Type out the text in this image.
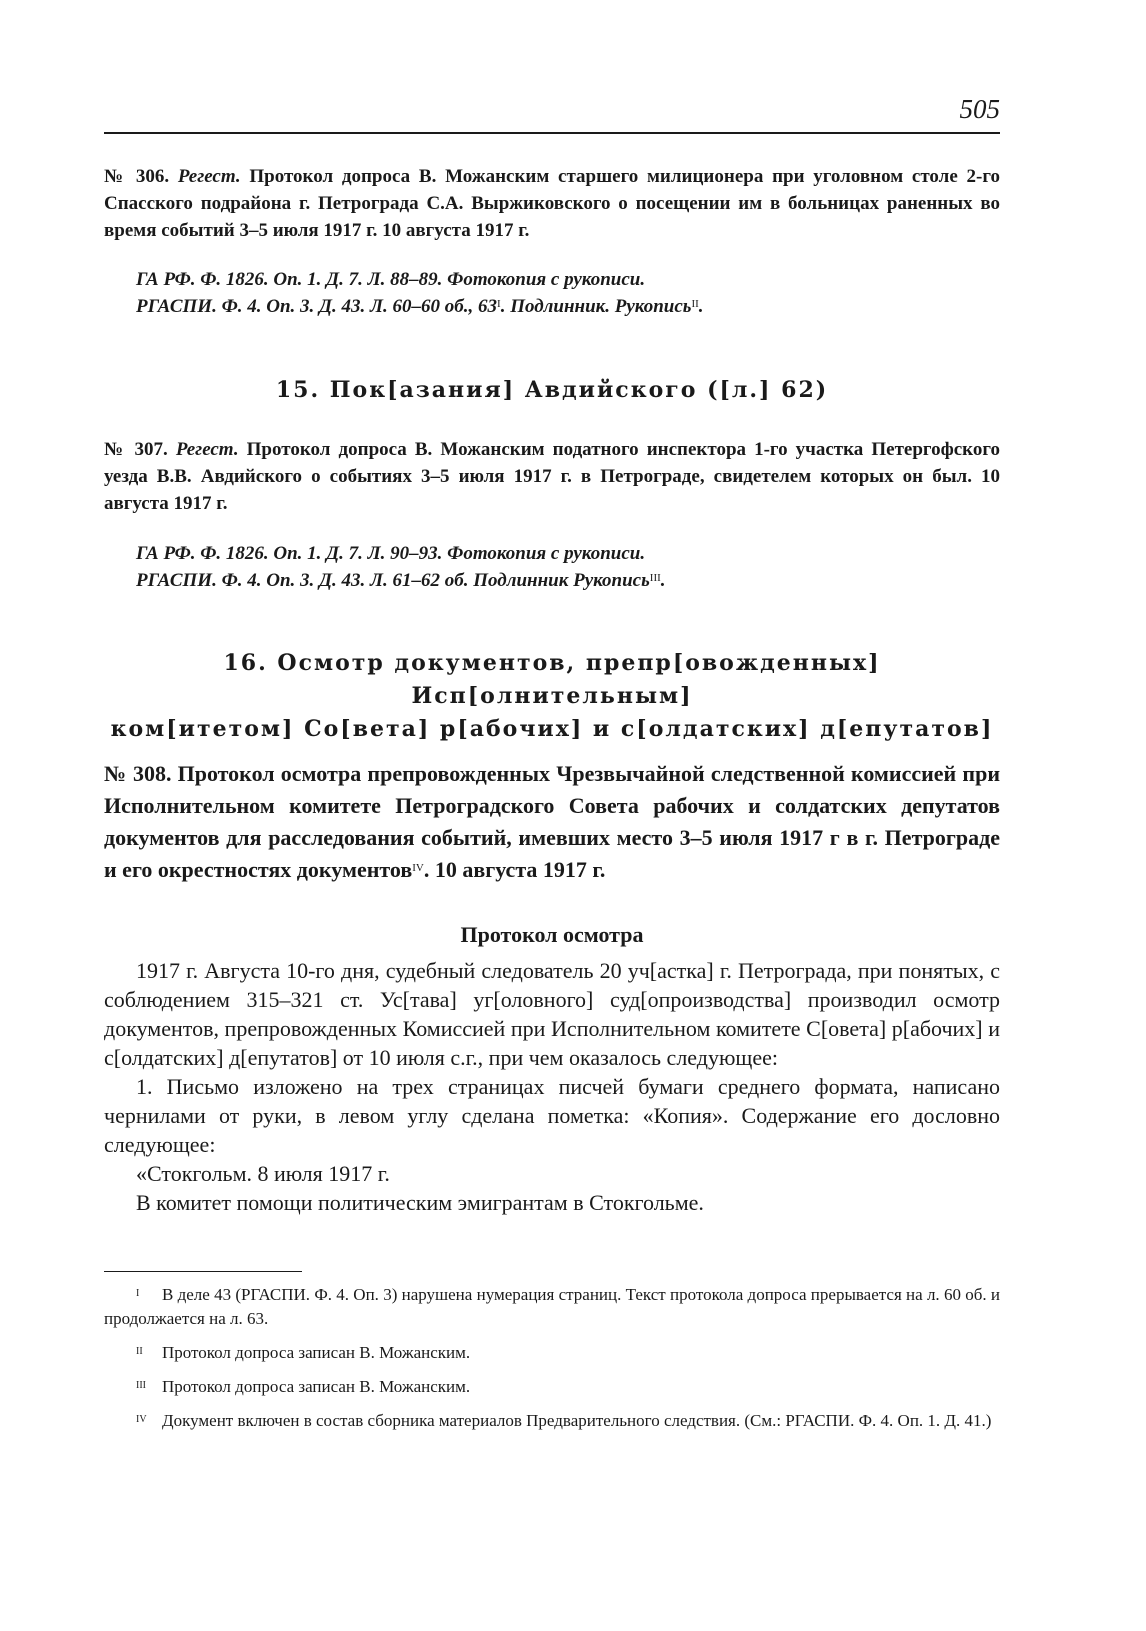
505
№ 306. Регест. Протокол допроса В. Можанским старшего милиционера при уголовном столе 2-го Спасского подрайона г. Петрограда С.А. Выржиковского о посещении им в больницах раненных во время событий 3–5 июля 1917 г. 10 августа 1917 г.
ГА РФ. Ф. 1826. Оп. 1. Д. 7. Л. 88–89. Фотокопия с рукописи.
РГАСПИ. Ф. 4. Оп. 3. Д. 43. Л. 60–60 об., $63^I$. Подлинник. Рукопись$^{II}$.
15. Пок[азания] Авдийского ([л.] 62)
№ 307. Регест. Протокол допроса В. Можанским податного инспектора 1-го участка Петергофского уезда В.В. Авдийского о событиях 3–5 июля 1917 г. в Петрограде, свидетелем которых он был. 10 августа 1917 г.
ГА РФ. Ф. 1826. Оп. 1. Д. 7. Л. 90–93. Фотокопия с рукописи.
РГАСПИ. Ф. 4. Оп. 3. Д. 43. Л. 61–62 об. Подлинник Рукопись$^{III}$.
16. Осмотр документов, препр[овожденных] Исп[олнительным]
ком[итетом] Со[вета] р[абочих] и с[олдатских] д[епутатов]
№ 308. Протокол осмотра препровожденных Чрезвычайной следственной комиссией при Исполнительном комитете Петроградского Совета рабочих и солдатских депутатов документов для расследования событий, имевших место 3–5 июля 1917 г в г. Петрограде и его окрестностях документов$^{IV}$. 10 августа 1917 г.
Протокол осмотра

1917 г. Августа 10-го дня, судебный следователь 20 уч[астка] г. Петрограда, при понятых, с соблюдением 315–321 ст. Ус[тава] уг[оловного] суд[опроизводства] производил осмотр документов, препровожденных Комиссией при Исполнительном комитете С[овета] р[абочих] и с[олдатских] д[епутатов] от 10 июля с.г., при чем оказалось следующее:

1. Письмо изложено на трех страницах писчей бумаги среднего формата, написано чернилами от руки, в левом углу сделана пометка: «Копия». Содержание его дословно следующее:

«Стокгольм. 8 июля 1917 г.

В комитет помощи политическим эмигрантам в Стокгольме.

I В деле 43 (РГАСПИ. Ф. 4. Оп. 3) нарушена нумерация страниц. Текст протокола допроса прерывается на л. 60 об. и продолжается на л. 63.

II Протокол допроса записан В. Можанским.

III Протокол допроса записан В. Можанским.

IV Документ включен в состав сборника материалов Предварительного следствия. (См.: РГАСПИ. Ф. 4. Оп. 1. Д. 41.)
